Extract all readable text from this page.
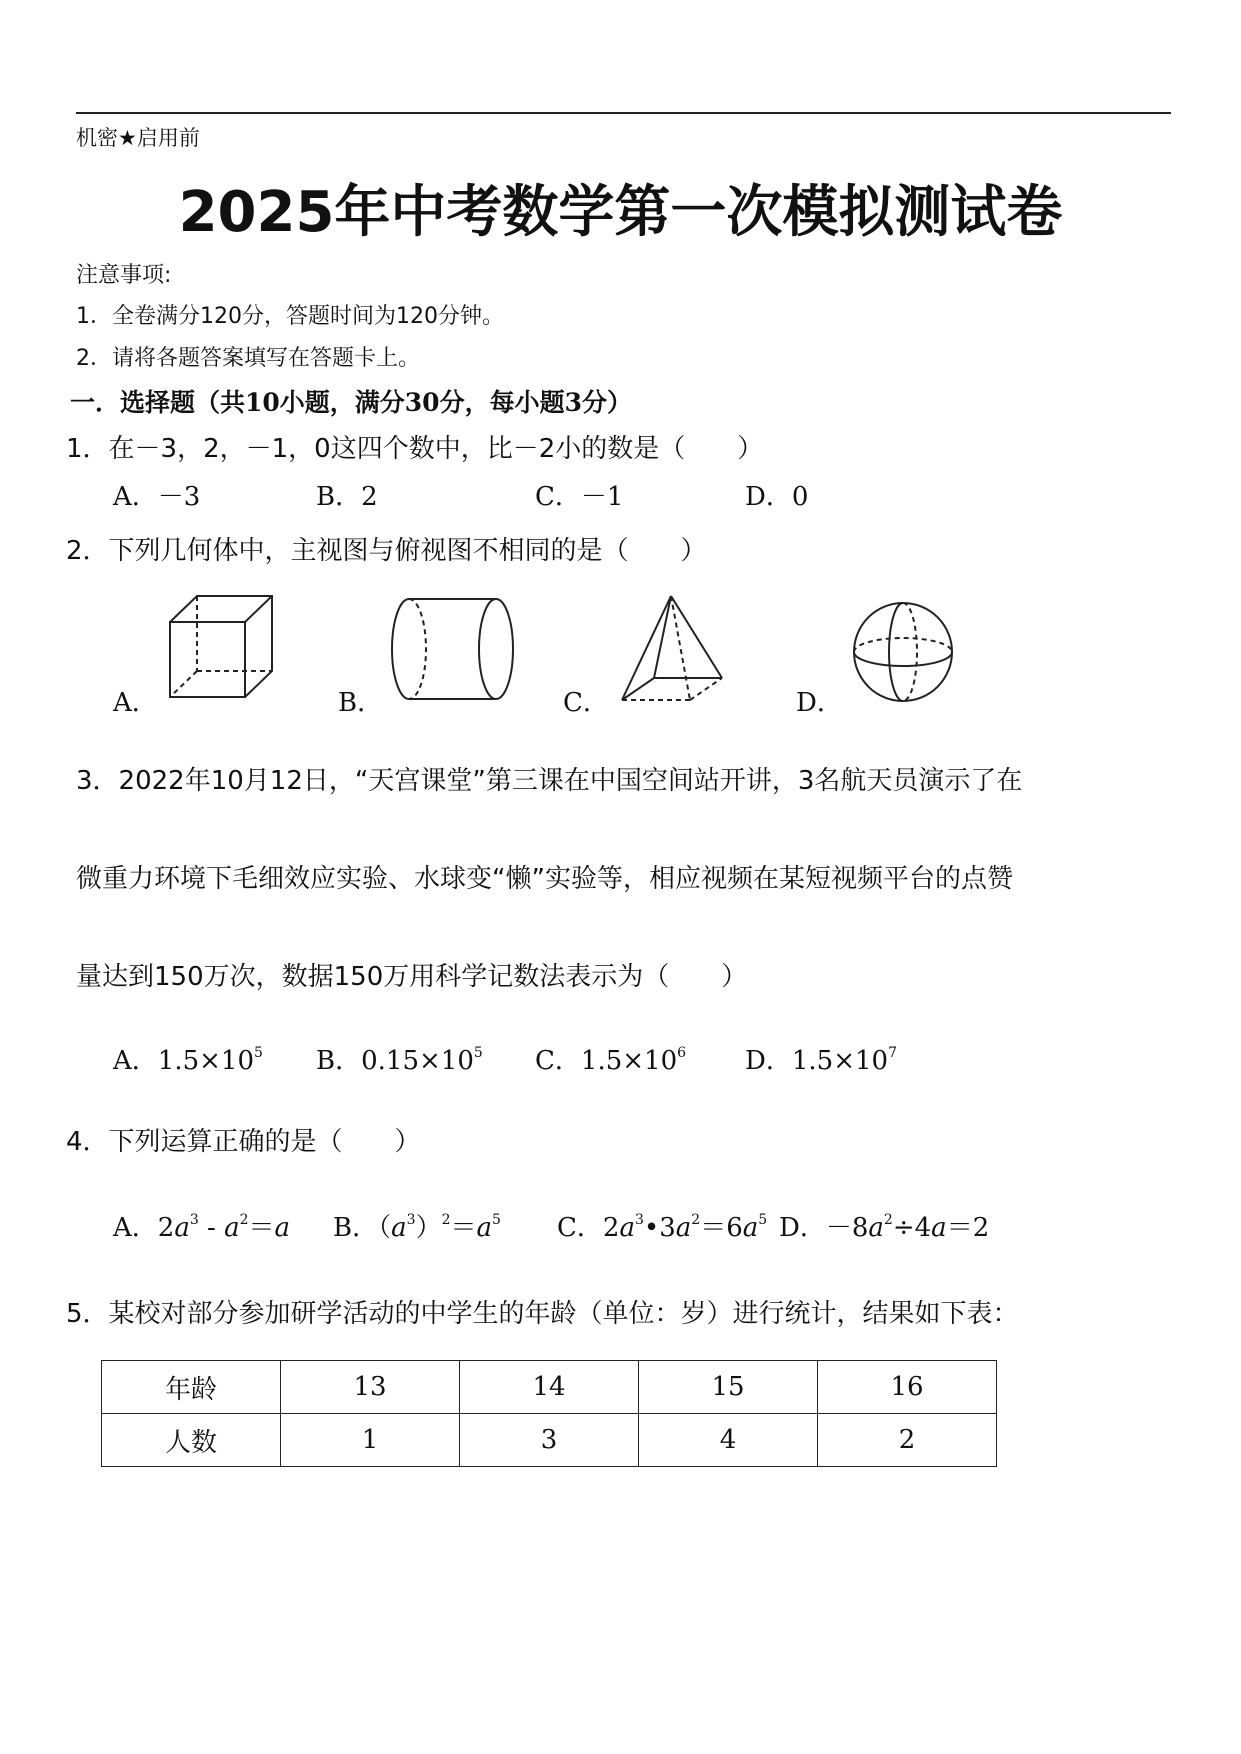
机密★启用前
2025年中考数学第一次模拟测试卷
注意事项:
1．全卷满分120分，答题时间为120分钟。
2．请将各题答案填写在答题卡上。
一．选择题（共10小题，满分30分，每小题3分）
1．在－3，2，－1，0这四个数中，比－2小的数是（　　）
A．－3	B．2	C．－1	D．0
2．下列几何体中，主视图与俯视图不相同的是（　　）
A．	B．	C．	D．
3．2022年10月12日，“天宫课堂”第三课在中国空间站开讲，3名航天员演示了在
微重力环境下毛细效应实验、水球变“懒”实验等，相应视频在某短视频平台的点赞
量达到150万次，数据150万用科学记数法表示为（　　）
A．$1.5\times 10^5$ B．$0.15\times 10^5$ C．$1.5\times 10^6$ D．$1.5\times 10^7$
4．下列运算正确的是（　　）
A．$2a^3 - a^2=a$ B．$(a^3)^2=a^5$ C．$2a^3•3a^2=6a^5$ D．$-8a^2\div 4a=2$
5．某校对部分参加研学活动的中学生的年龄（单位：岁）进行统计，结果如下表：
年龄	13	14	15	16
人数	1	3	4	2
